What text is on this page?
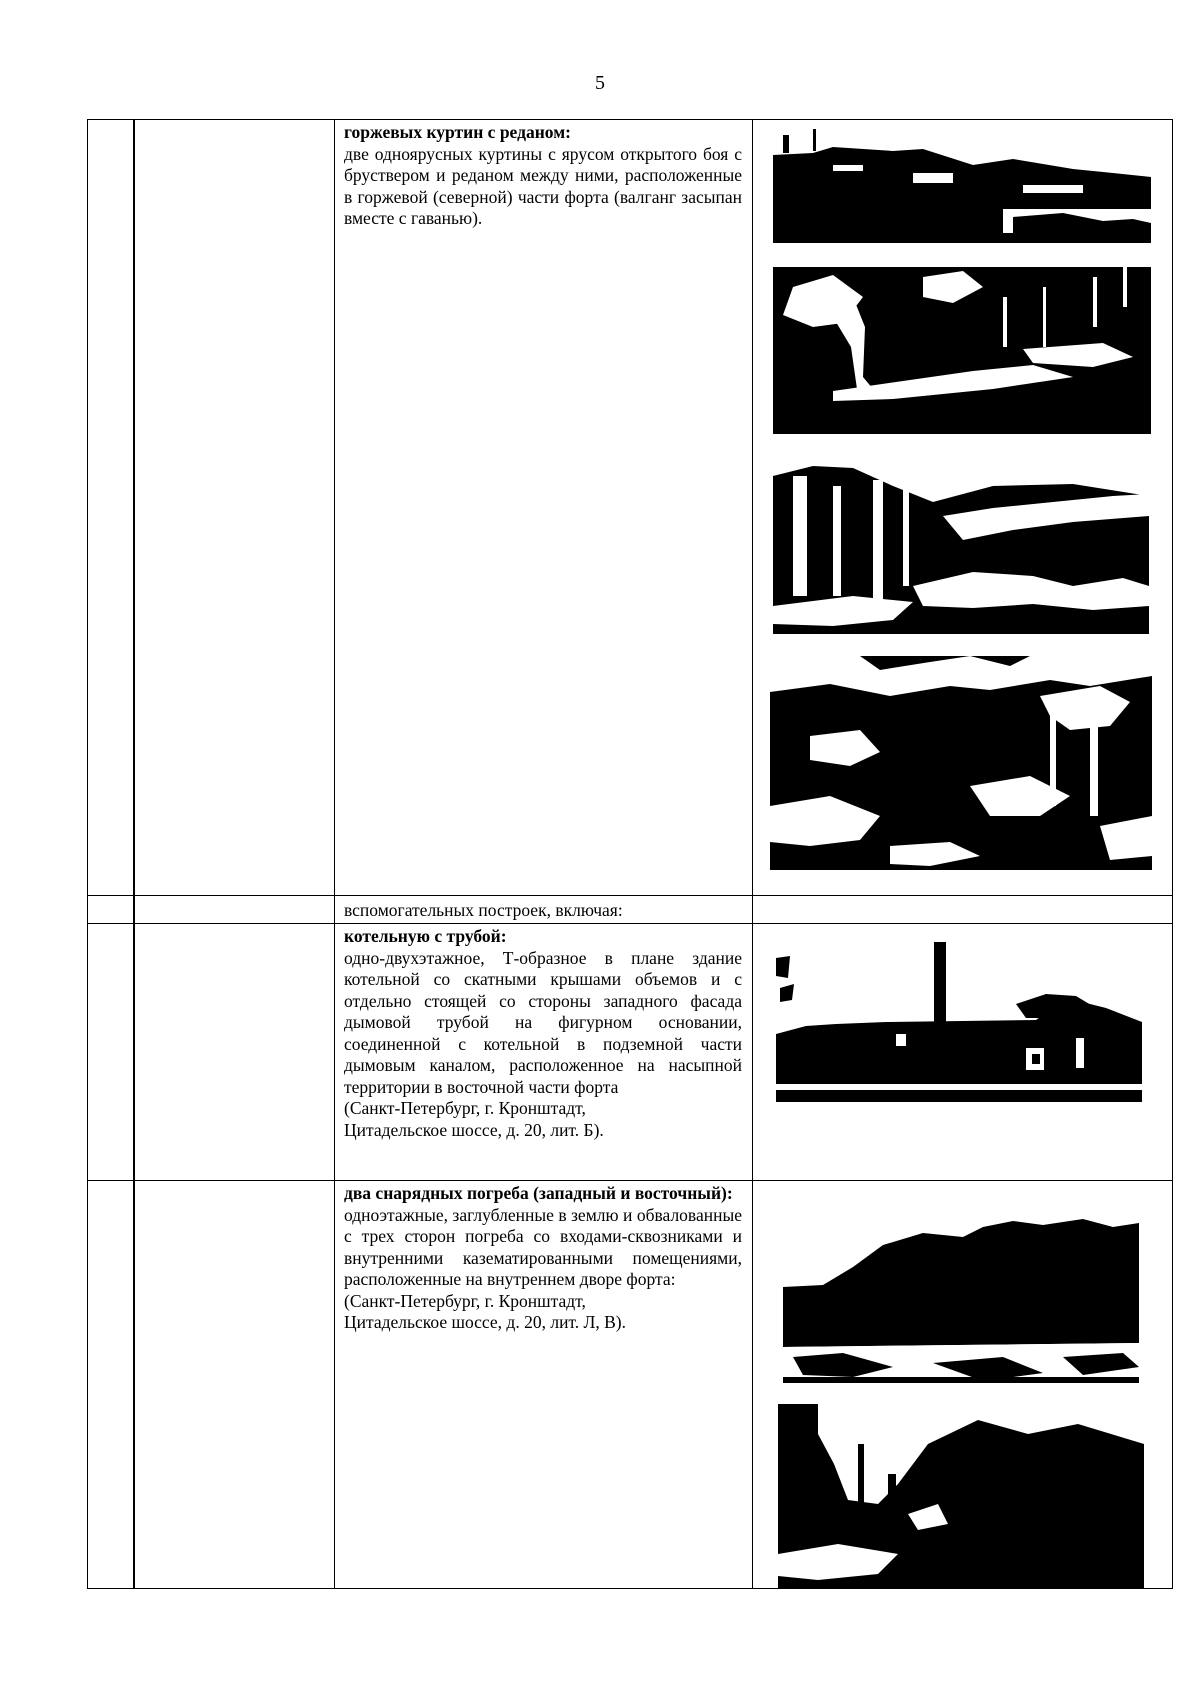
5
горжевых куртин с реданом:
две одноярусных куртины с ярусом открытого боя с бруствером и реданом между ними, расположенные в горжевой (северной) части форта (валганг засыпан вместе с гаванью).
вспомогательных построек, включая:
котельную с трубой:
одно-двухэтажное, Т-образное в плане здание котельной со скатными крышами объемов и с отдельно стоящей со стороны западного фасада дымовой трубой на фигурном основании, соединенной с котельной в подземной части дымовым каналом, расположенное на насыпной территории в восточной части форта
(Санкт-Петербург, г. Кронштадт,
Цитадельское шоссе, д. 20, лит. Б).
два снарядных погреба (западный и восточный):
одноэтажные, заглубленные в землю и обвалованные с трех сторон погреба со входами-сквозниками и внутренними казематированными помещениями, расположенные на внутреннем дворе форта:
(Санкт-Петербург, г. Кронштадт,
Цитадельское шоссе, д. 20, лит. Л, В).
